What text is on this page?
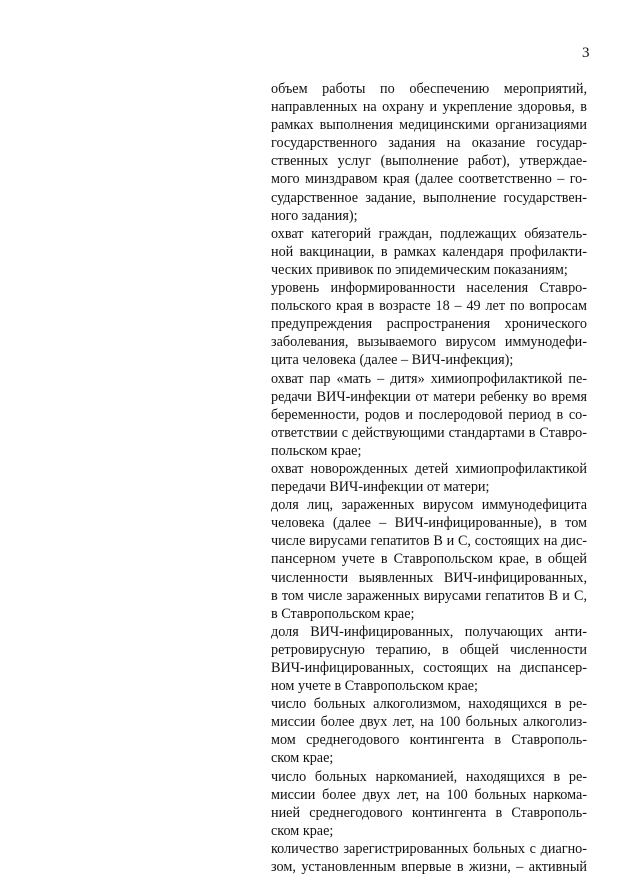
3
объем работы по обеспечению мероприятий,
направленных на охрану и укрепление здоровья, в
рамках выполнения медицинскими организациями
государственного задания на оказание государ-
ственных услуг (выполнение работ), утверждае-
мого минздравом края (далее соответственно – го-
сударственное задание, выполнение государствен-
ного задания);
охват категорий граждан, подлежащих обязатель-
ной вакцинации, в рамках календаря профилакти-
ческих прививок по эпидемическим показаниям;
уровень информированности населения Ставро-
польского края в возрасте 18 – 49 лет по вопросам
предупреждения распространения хронического
заболевания, вызываемого вирусом иммунодефи-
цита человека (далее – ВИЧ-инфекция);
охват пар «мать – дитя» химиопрофилактикой пе-
редачи ВИЧ-инфекции от матери ребенку во время
беременности, родов и послеродовой период в со-
ответствии с действующими стандартами в Ставро-
польском крае;
охват новорожденных детей химиопрофилактикой
передачи ВИЧ-инфекции от матери;
доля лиц, зараженных вирусом иммунодефицита
человека (далее – ВИЧ-инфицированные), в том
числе вирусами гепатитов В и С, состоящих на дис-
пансерном учете в Ставропольском крае, в общей
численности выявленных ВИЧ-инфицированных,
в том числе зараженных вирусами гепатитов В и С,
в Ставропольском крае;
доля ВИЧ-инфицированных, получающих анти-
ретровирусную терапию, в общей численности
ВИЧ-инфицированных, состоящих на диспансер-
ном учете в Ставропольском крае;
число больных алкоголизмом, находящихся в ре-
миссии более двух лет, на 100 больных алкоголиз-
мом среднегодового контингента в Ставрополь-
ском крае;
число больных наркоманией, находящихся в ре-
миссии более двух лет, на 100 больных наркома-
нией среднегодового контингента в Ставрополь-
ском крае;
количество зарегистрированных больных с диагно-
зом, установленным впервые в жизни, – активный
